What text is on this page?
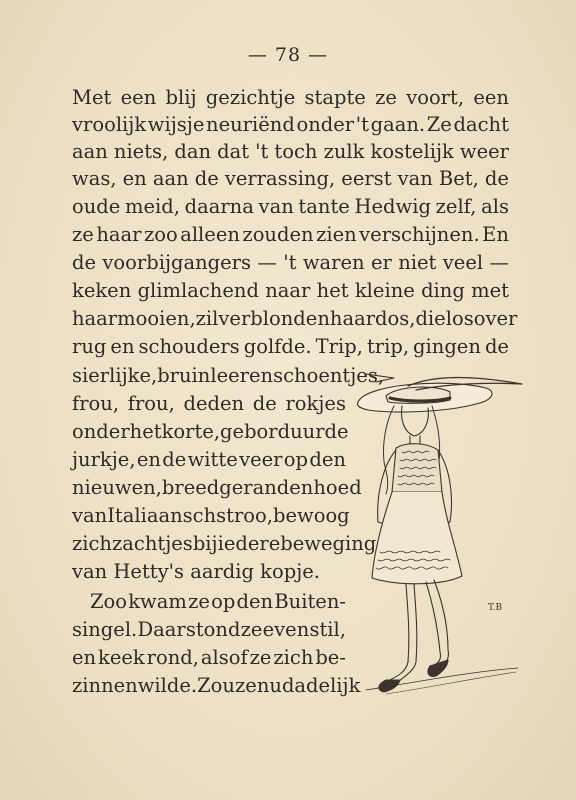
— 78 —
Met een blij gezichtje stapte ze voort, een
vroolijk wijsje neuriënd onder 't gaan. Ze dacht
aan niets, dan dat 't toch zulk kostelijk weer
was, en aan de verrassing, eerst van Bet, de
oude meid, daarna van tante Hedwig zelf, als
ze haar zoo alleen zouden zien verschijnen. En
de voorbijgangers — 't waren er niet veel —
keken glimlachend naar het kleine ding met
haar mooien, zilverblonden haardos, die los over
rug en schouders golfde. Trip, trip, gingen de
sierlijke, bruinleeren schoentjes,
frou, frou, deden de rokjes
onder het korte, geborduurde
jurkje, en de witte veer op den
nieuwen, breedgeranden hoed
van Italiaansch stroo, bewoog
zich zachtjes bij iedere beweging
van Hetty's aardig kopje.
Zoo kwam ze op den Buiten-
singel. Daar stond ze even stil,
en keek rond, alsof ze zich be-
zinnen wilde. Zou ze nu dadelijk
T.B
